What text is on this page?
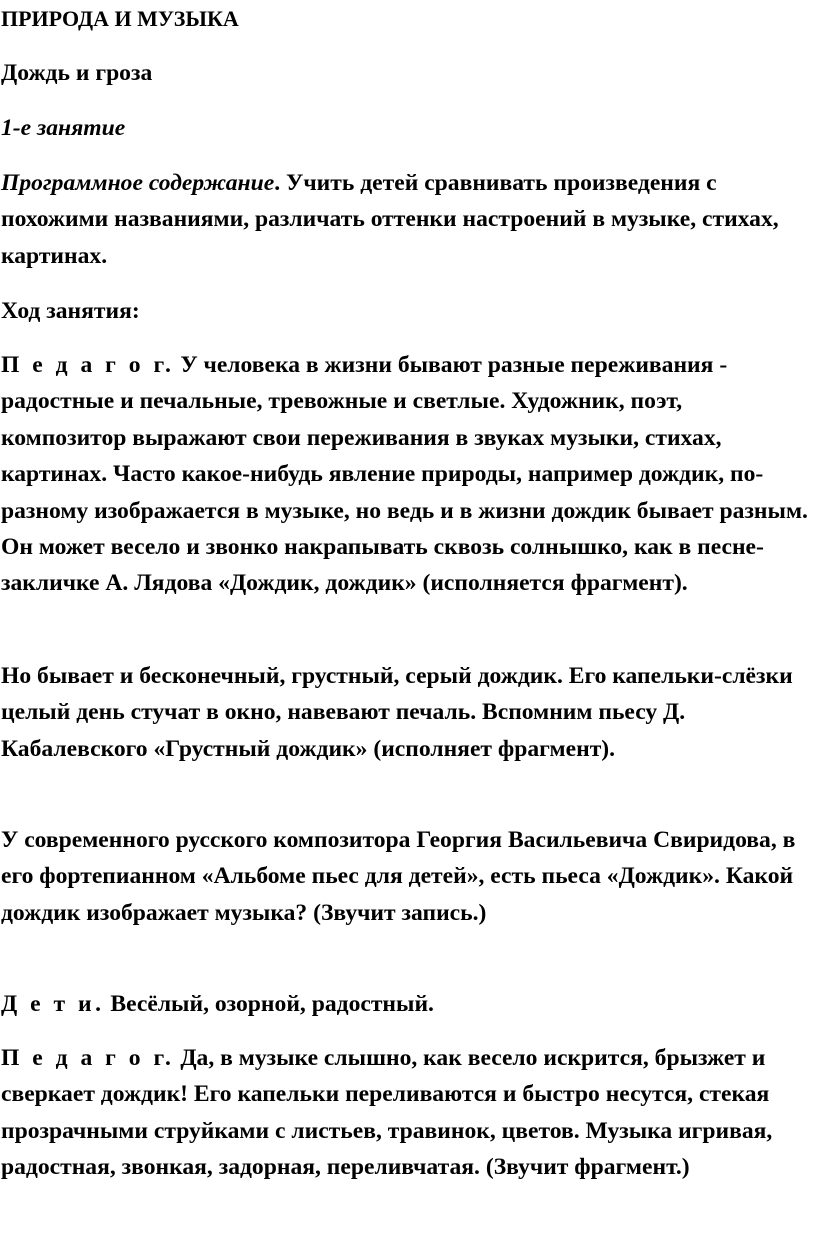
ПРИРОДА И МУЗЫКА

Дождь и гроза

1-е занятие

Программное содержание. Учить детей сравнивать произведения с похожими названиями, различать оттенки настроений в музыке, стихах, картинах.

Ход занятия:

П е д а г о г. У человека в жизни бывают разные переживания - радостные и печальные, тревожные и светлые. Художник, поэт, композитор выражают свои переживания в звуках музыки, стихах, картинах. Часто какое-нибудь явление природы, например дождик, по-разному изображается в музыке, но ведь и в жизни дождик бывает разным. Он может весело и звонко накрапывать сквозь солнышко, как в песне-закличке А. Лядова «Дождик, дождик» (исполняется фрагмент).

Но бывает и бесконечный, грустный, серый дождик. Его капельки-слёзки целый день стучат в окно, навевают печаль. Вспомним пьесу Д. Кабалевского «Грустный дождик» (исполняет фрагмент).

У современного русского композитора Георгия Васильевича Свиридова, в его фортепианном «Альбоме пьес для детей», есть пьеса «Дождик». Какой дождик изображает музыка? (Звучит запись.)

Д е т и. Весёлый, озорной, радостный.

П е д а г о г. Да, в музыке слышно, как весело искрится, брызжет и сверкает дождик! Его капельки переливаются и быстро несутся, стекая прозрачными струйками с листьев, травинок, цветов. Музыка игривая, радостная, звонкая, задорная, переливчатая. (Звучит фрагмент.)
